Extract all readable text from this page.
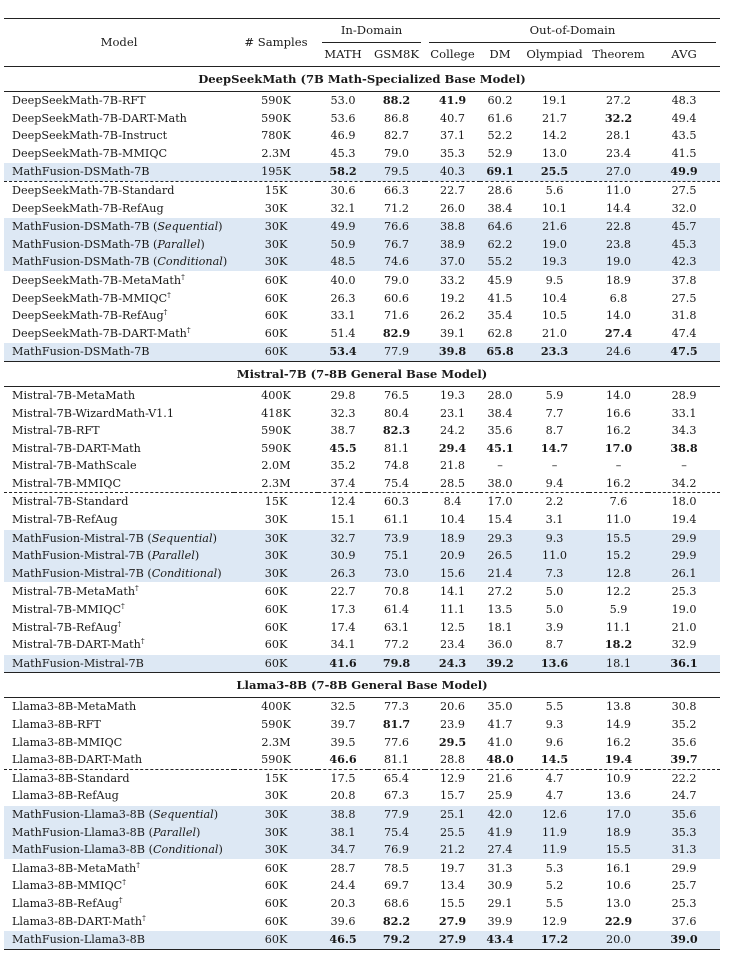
Model	# Samples	In-Domain		Out-of-Domain				

		MATH	GSM8K	College	DM	Olympiad	Theorem	AVG
DeepSeekMath (7B Math-Specialized Base Model)								
DeepSeekMath-7B-RFT	590K	53.0	88.2	41.9	60.2	19.1	27.2	48.3
DeepSeekMath-7B-DART-Math	590K	53.6	86.8	40.7	61.6	21.7	32.2	49.4
DeepSeekMath-7B-Instruct	780K	46.9	82.7	37.1	52.2	14.2	28.1	43.5
DeepSeekMath-7B-MMIQC	2.3M	45.3	79.0	35.3	52.9	13.0	23.4	41.5
MathFusion-DSMath-7B	195K	58.2	79.5	40.3	69.1	25.5	27.0	49.9
DeepSeekMath-7B-Standard	15K	30.6	66.3	22.7	28.6	5.6	11.0	27.5
DeepSeekMath-7B-RefAug	30K	32.1	71.2	26.0	38.4	10.1	14.4	32.0
MathFusion-DSMath-7B (Sequential)	30K	49.9	76.6	38.8	64.6	21.6	22.8	45.7
MathFusion-DSMath-7B (Parallel)	30K	50.9	76.7	38.9	62.2	19.0	23.8	45.3
MathFusion-DSMath-7B (Conditional)	30K	48.5	74.6	37.0	55.2	19.3	19.0	42.3
DeepSeekMath-7B-MetaMath†	60K	40.0	79.0	33.2	45.9	9.5	18.9	37.8
DeepSeekMath-7B-MMIQC†	60K	26.3	60.6	19.2	41.5	10.4	6.8	27.5
DeepSeekMath-7B-RefAug†	60K	33.1	71.6	26.2	35.4	10.5	14.0	31.8
DeepSeekMath-7B-DART-Math†	60K	51.4	82.9	39.1	62.8	21.0	27.4	47.4
MathFusion-DSMath-7B	60K	53.4	77.9	39.8	65.8	23.3	24.6	47.5
Mistral-7B (7-8B General Base Model)								
Mistral-7B-MetaMath	400K	29.8	76.5	19.3	28.0	5.9	14.0	28.9
Mistral-7B-WizardMath-V1.1	418K	32.3	80.4	23.1	38.4	7.7	16.6	33.1
Mistral-7B-RFT	590K	38.7	82.3	24.2	35.6	8.7	16.2	34.3
Mistral-7B-DART-Math	590K	45.5	81.1	29.4	45.1	14.7	17.0	38.8
Mistral-7B-MathScale	2.0M	35.2	74.8	21.8	–	–	–	–
Mistral-7B-MMIQC	2.3M	37.4	75.4	28.5	38.0	9.4	16.2	34.2
Mistral-7B-Standard	15K	12.4	60.3	8.4	17.0	2.2	7.6	18.0
Mistral-7B-RefAug	30K	15.1	61.1	10.4	15.4	3.1	11.0	19.4
MathFusion-Mistral-7B (Sequential)	30K	32.7	73.9	18.9	29.3	9.3	15.5	29.9
MathFusion-Mistral-7B (Parallel)	30K	30.9	75.1	20.9	26.5	11.0	15.2	29.9
MathFusion-Mistral-7B (Conditional)	30K	26.3	73.0	15.6	21.4	7.3	12.8	26.1
Mistral-7B-MetaMath†	60K	22.7	70.8	14.1	27.2	5.0	12.2	25.3
Mistral-7B-MMIQC†	60K	17.3	61.4	11.1	13.5	5.0	5.9	19.0
Mistral-7B-RefAug†	60K	17.4	63.1	12.5	18.1	3.9	11.1	21.0
Mistral-7B-DART-Math†	60K	34.1	77.2	23.4	36.0	8.7	18.2	32.9
MathFusion-Mistral-7B	60K	41.6	79.8	24.3	39.2	13.6	18.1	36.1
Llama3-8B (7-8B General Base Model)								
Llama3-8B-MetaMath	400K	32.5	77.3	20.6	35.0	5.5	13.8	30.8
Llama3-8B-RFT	590K	39.7	81.7	23.9	41.7	9.3	14.9	35.2
Llama3-8B-MMIQC	2.3M	39.5	77.6	29.5	41.0	9.6	16.2	35.6
Llama3-8B-DART-Math	590K	46.6	81.1	28.8	48.0	14.5	19.4	39.7
Llama3-8B-Standard	15K	17.5	65.4	12.9	21.6	4.7	10.9	22.2
Llama3-8B-RefAug	30K	20.8	67.3	15.7	25.9	4.7	13.6	24.7
MathFusion-Llama3-8B (Sequential)	30K	38.8	77.9	25.1	42.0	12.6	17.0	35.6
MathFusion-Llama3-8B (Parallel)	30K	38.1	75.4	25.5	41.9	11.9	18.9	35.3
MathFusion-Llama3-8B (Conditional)	30K	34.7	76.9	21.2	27.4	11.9	15.5	31.3
Llama3-8B-MetaMath†	60K	28.7	78.5	19.7	31.3	5.3	16.1	29.9
Llama3-8B-MMIQC†	60K	24.4	69.7	13.4	30.9	5.2	10.6	25.7
Llama3-8B-RefAug†	60K	20.3	68.6	15.5	29.1	5.5	13.0	25.3
Llama3-8B-DART-Math†	60K	39.6	82.2	27.9	39.9	12.9	22.9	37.6
MathFusion-Llama3-8B	60K	46.5	79.2	27.9	43.4	17.2	20.0	39.0
